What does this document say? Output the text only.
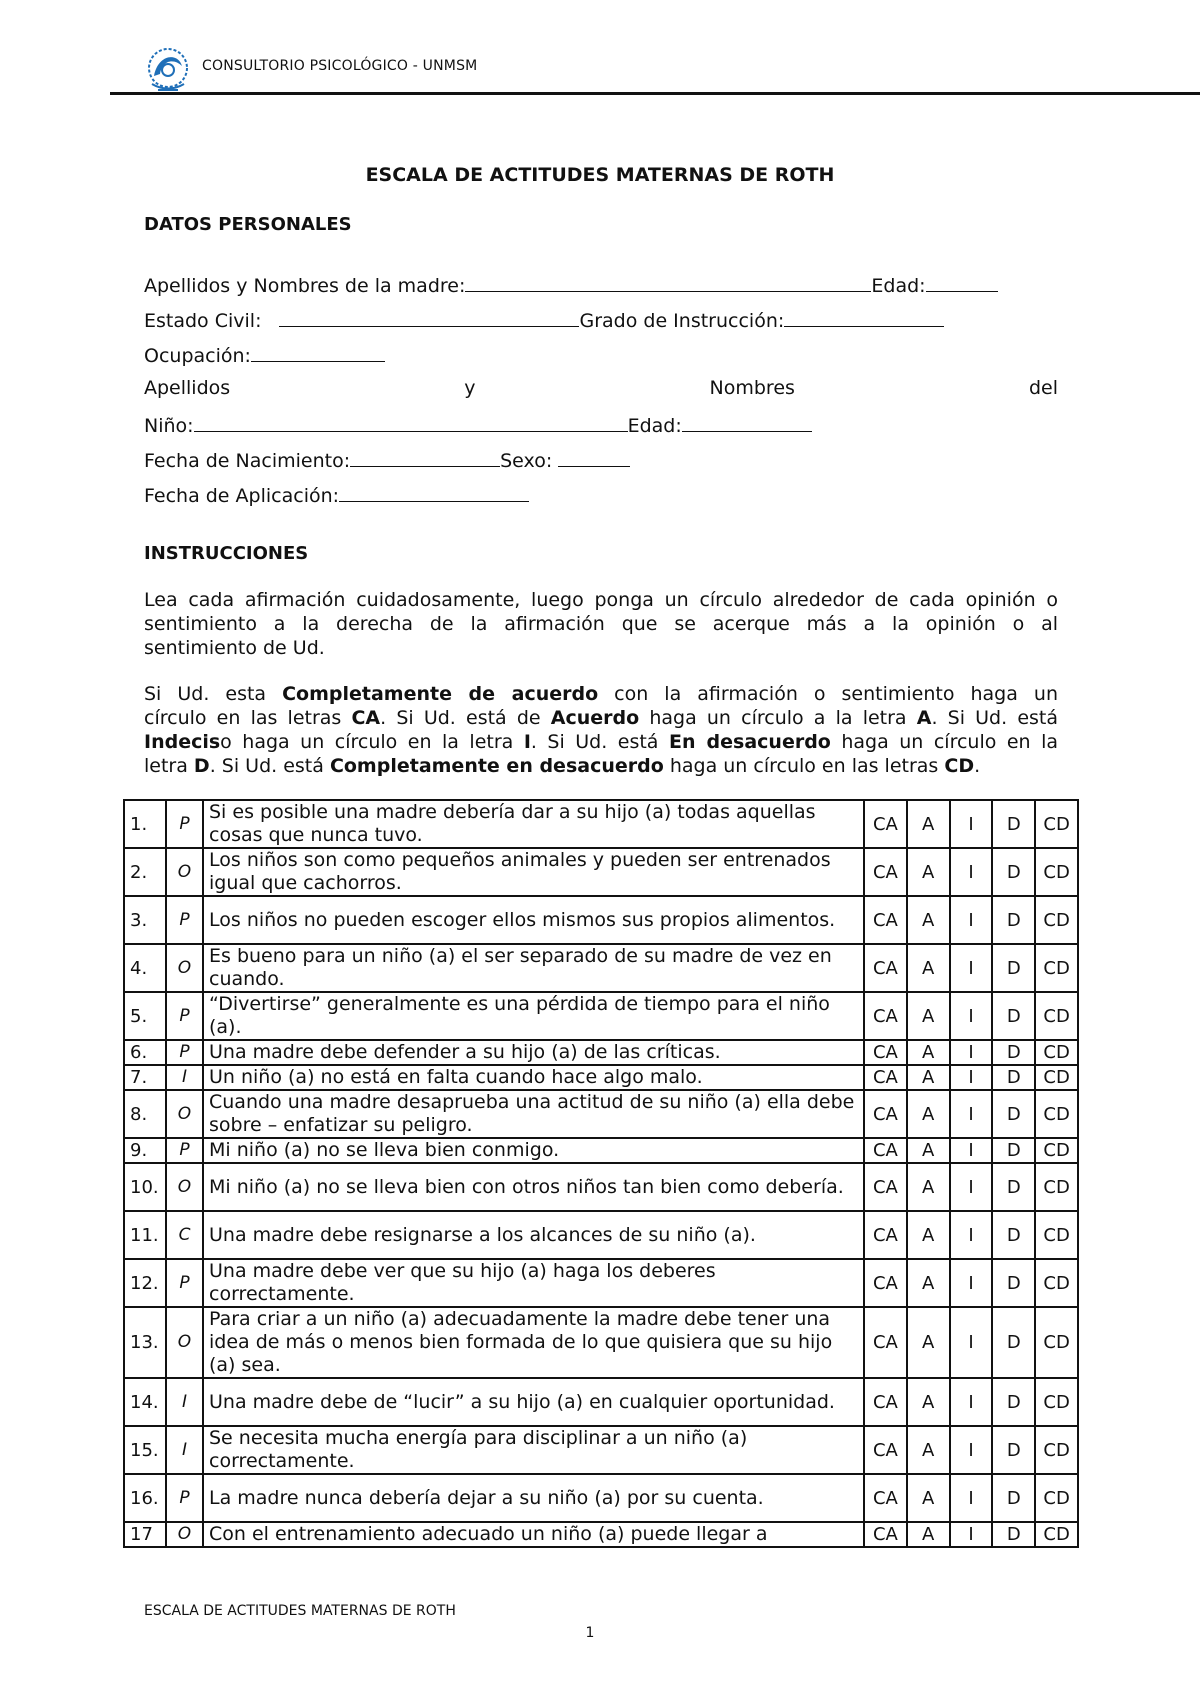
CONSULTORIO PSICOLÓGICO - UNMSM
ESCALA DE ACTITUDES MATERNAS DE ROTH
DATOS PERSONALES
Apellidos y Nombres de la madre:	Edad:
Estado Civil:	Grado de Instrucción:
Ocupación:
Apellidos	y	Nombres	del
Niño:	Edad:
Fecha de Nacimiento:	Sexo:
Fecha de Aplicación:
INSTRUCCIONES
Lea cada afirmación cuidadosamente, luego ponga un círculo alrededor de cada opinión o
sentimiento a la derecha de la afirmación que se acerque más a la opinión o al
sentimiento de Ud.
Si Ud. esta Completamente de acuerdo con la afirmación o sentimiento haga un
círculo en las letras CA. Si Ud. está de Acuerdo haga un círculo a la letra A. Si Ud. está
Indeciso haga un círculo en la letra I. Si Ud. está En desacuerdo haga un círculo en la
letra D. Si Ud. está Completamente en desacuerdo haga un círculo en las letras CD.
1.	P	Si es posible una madre debería dar a su hijo (a) todas aquellas cosas que nunca tuvo.	CA	A	I	D	CD
2.	O	Los niños son como pequeños animales y pueden ser entrenados igual que cachorros.	CA	A	I	D	CD
3.	P	Los niños no pueden escoger ellos mismos sus propios alimentos.	CA	A	I	D	CD
4.	O	Es bueno para un niño (a) el ser separado de su madre de vez en cuando.	CA	A	I	D	CD
5.	P	“Divertirse” generalmente es una pérdida de tiempo para el niño (a).	CA	A	I	D	CD
6.	P	Una madre debe defender a su hijo (a) de las críticas.	CA	A	I	D	CD
7.	I	Un niño (a) no está en falta cuando hace algo malo.	CA	A	I	D	CD
8.	O	Cuando una madre desaprueba una actitud de su niño (a) ella debe sobre – enfatizar su peligro.	CA	A	I	D	CD
9.	P	Mi niño (a) no se lleva bien conmigo.	CA	A	I	D	CD
10.	O	Mi niño (a) no se lleva bien con otros niños tan bien como debería.	CA	A	I	D	CD
11.	C	Una madre debe resignarse a los alcances de su niño (a).	CA	A	I	D	CD
12.	P	Una madre debe ver que su hijo (a) haga los deberes correctamente.	CA	A	I	D	CD
13.	O	Para criar a un niño (a) adecuadamente la madre debe tener una idea de más o menos bien formada de lo que quisiera que su hijo (a) sea.	CA	A	I	D	CD
14.	I	Una madre debe de “lucir” a su hijo (a) en cualquier oportunidad.	CA	A	I	D	CD
15.	I	Se necesita mucha energía para disciplinar a un niño (a) correctamente.	CA	A	I	D	CD
16.	P	La madre nunca debería dejar a su niño (a) por su cuenta.	CA	A	I	D	CD
17	O	Con el entrenamiento adecuado un niño (a) puede llegar a	CA	A	I	D	CD
ESCALA DE ACTITUDES MATERNAS DE ROTH
1
